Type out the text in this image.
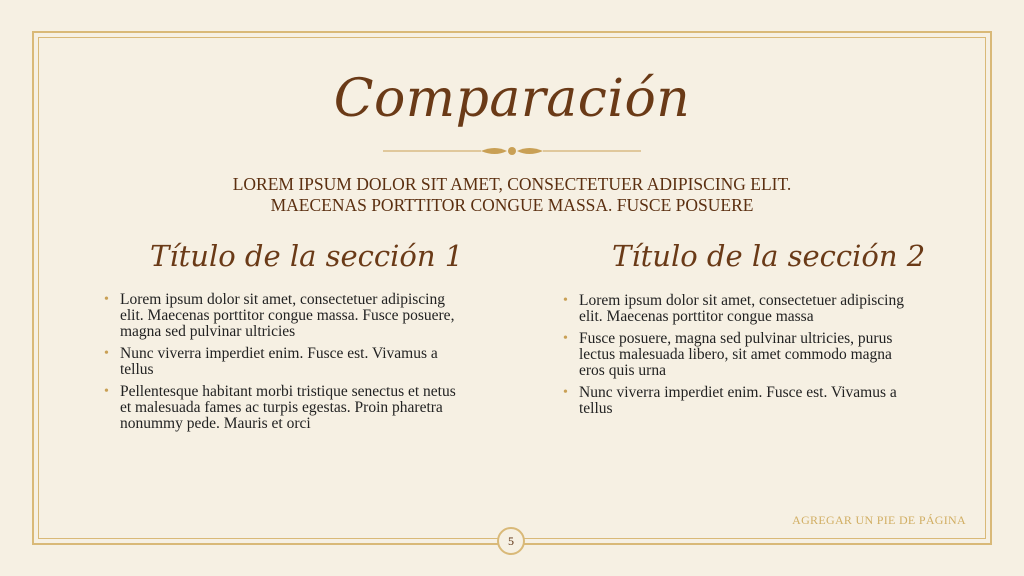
Comparación
LOREM IPSUM DOLOR SIT AMET, CONSECTETUER ADIPISCING ELIT.
MAECENAS PORTTITOR CONGUE MASSA. FUSCE POSUERE
Título de la sección 1	Título de la sección 2
• Lorem ipsum dolor sit amet, consectetuer adipiscing elit. Maecenas porttitor congue massa. Fusce posuere, magna sed pulvinar ultricies
• Nunc viverra imperdiet enim. Fusce est. Vivamus a tellus
• Pellentesque habitant morbi tristique senectus et netus et malesuada fames ac turpis egestas. Proin pharetra nonummy pede. Mauris et orci
• Lorem ipsum dolor sit amet, consectetuer adipiscing elit. Maecenas porttitor congue massa
• Fusce posuere, magna sed pulvinar ultricies, purus lectus malesuada libero, sit amet commodo magna eros quis urna
• Nunc viverra imperdiet enim. Fusce est. Vivamus a tellus
AGREGAR UN PIE DE PÁGINA
5
